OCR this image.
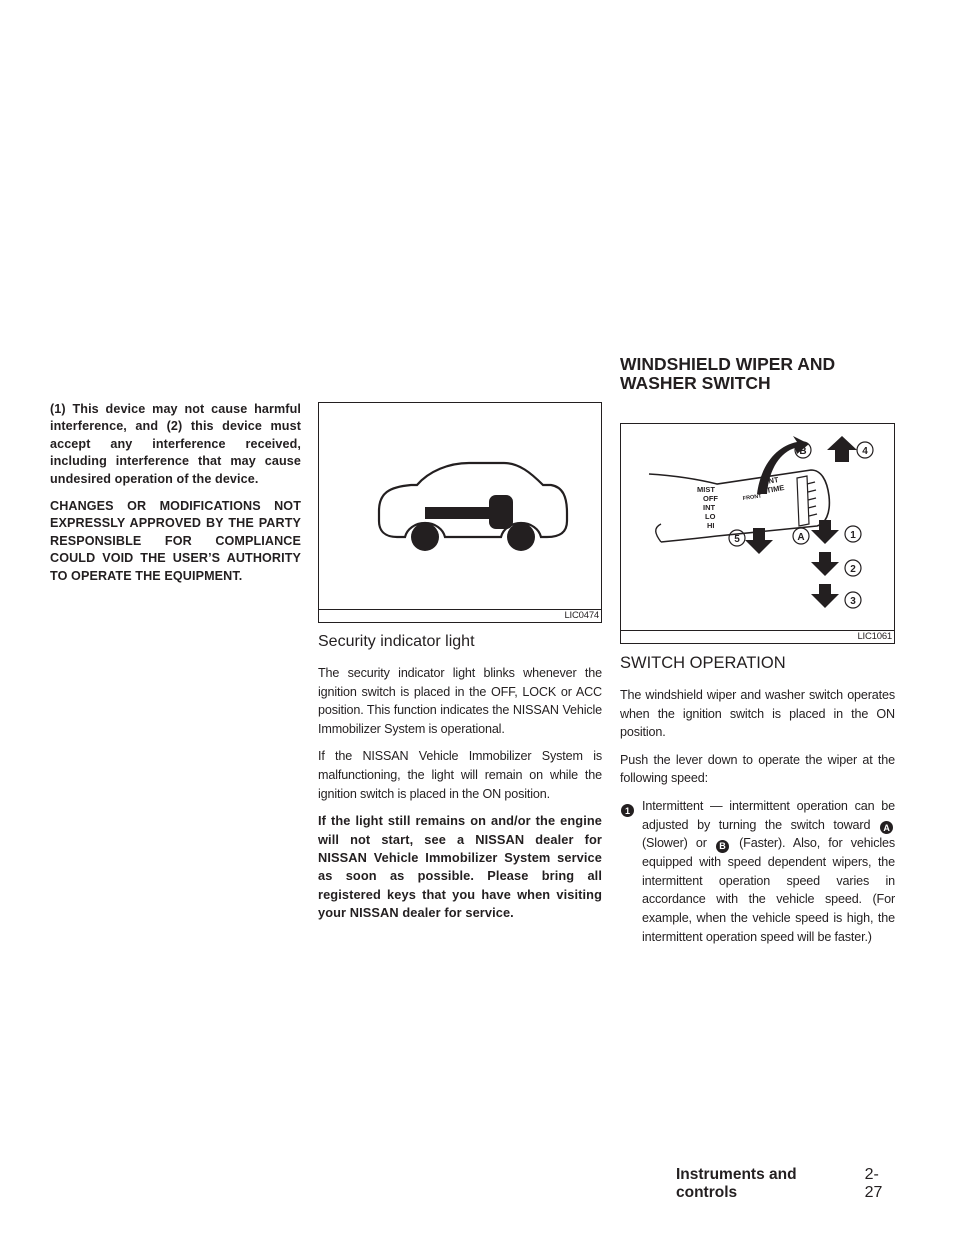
(1) This device may not cause harmful interference, and (2) this device must accept any interference received, including interference that may cause undesired operation of the device.

CHANGES OR MODIFICATIONS NOT EXPRESSLY APPROVED BY THE PARTY RESPONSIBLE FOR COMPLIANCE COULD VOID THE USER’S AUTHORITY TO OPERATE THE EQUIPMENT.

LIC0474
Security indicator light

The security indicator light blinks whenever the ignition switch is placed in the OFF, LOCK or ACC position. This function indicates the NISSAN Vehicle Immobilizer System is operational.

If the NISSAN Vehicle Immobilizer System is malfunctioning, the light will remain on while the ignition switch is placed in the ON position.

If the light still remains on and/or the engine will not start, see a NISSAN dealer for NISSAN Vehicle Immobilizer System service as soon as possible. Please bring all registered keys that you have when visiting your NISSAN dealer for service.

WINDSHIELD WIPER AND WASHER SWITCH
MIST
OFF
INT
LO
HI
FRONT
INT
TIME
B	4
5	A	1
2
3
LIC1061
SWITCH OPERATION

The windshield wiper and washer switch operates when the ignition switch is placed in the ON position.

Push the lever down to operate the wiper at the following speed:

1 Intermittent — intermittent operation can be adjusted by turning the switch toward A (Slower) or B (Faster). Also, for vehicles equipped with speed dependent wipers, the intermittent operation speed varies in accordance with the vehicle speed. (For example, when the vehicle speed is high, the intermittent operation speed will be faster.)
Instruments and controls
2-27
